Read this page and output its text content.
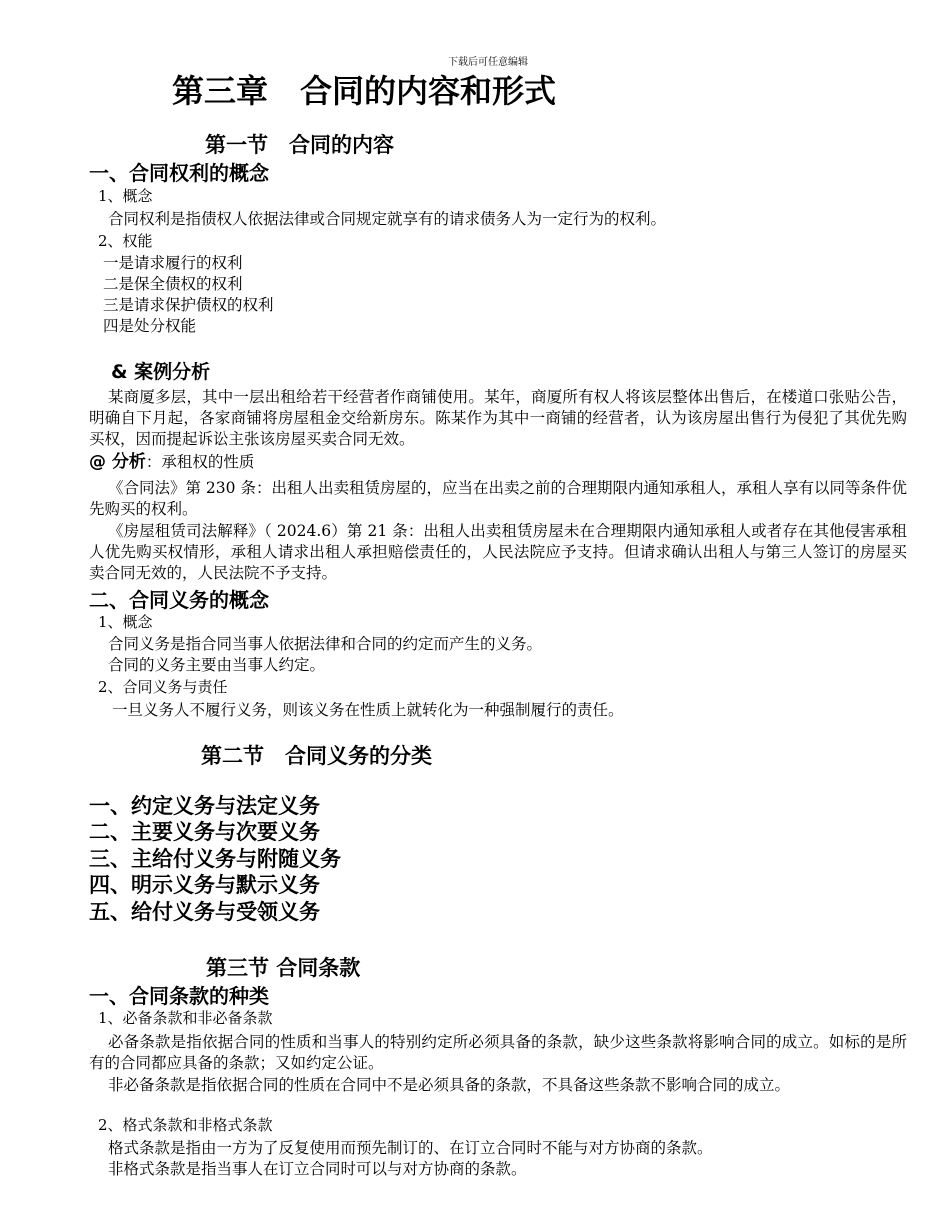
下载后可任意编辑
第三章　合同的内容和形式
第一节　合同的内容
一、合同权利的概念
1、概念
合同权利是指债权人依据法律或合同规定就享有的请求债务人为一定行为的权利。
2、权能
一是请求履行的权利
二是保全债权的权利
三是请求保护债权的权利
四是处分权能
& 案例分析
某商厦多层，其中一层出租给若干经营者作商铺使用。某年，商厦所有权人将该层整体出售后，在楼道口张贴公告，明确自下月起，各家商铺将房屋租金交给新房东。陈某作为其中一商铺的经营者，认为该房屋出售行为侵犯了其优先购买权，因而提起诉讼主张该房屋买卖合同无效。
@ 分析：承租权的性质
《合同法》第 230 条：出租人出卖租赁房屋的，应当在出卖之前的合理期限内通知承租人，承租人享有以同等条件优先购买的权利。
《房屋租赁司法解释》（ 2024.6）第 21 条：出租人出卖租赁房屋未在合理期限内通知承租人或者存在其他侵害承租人优先购买权情形，承租人请求出租人承担赔偿责任的，人民法院应予支持。但请求确认出租人与第三人签订的房屋买卖合同无效的，人民法院不予支持。
二、合同义务的概念
1、概念
合同义务是指合同当事人依据法律和合同的约定而产生的义务。
合同的义务主要由当事人约定。
2、合同义务与责任
一旦义务人不履行义务，则该义务在性质上就转化为一种强制履行的责任。
第二节　合同义务的分类
一、约定义务与法定义务
二、主要义务与次要义务
三、主给付义务与附随义务
四、明示义务与默示义务
五、给付义务与受领义务
第三节 合同条款
一、合同条款的种类
1、必备条款和非必备条款
必备条款是指依据合同的性质和当事人的特别约定所必须具备的条款，缺少这些条款将影响合同的成立。如标的是所有的合同都应具备的条款；又如约定公证。
非必备条款是指依据合同的性质在合同中不是必须具备的条款，不具备这些条款不影响合同的成立。
2、格式条款和非格式条款
格式条款是指由一方为了反复使用而预先制订的、在订立合同时不能与对方协商的条款。
非格式条款是指当事人在订立合同时可以与对方协商的条款。
